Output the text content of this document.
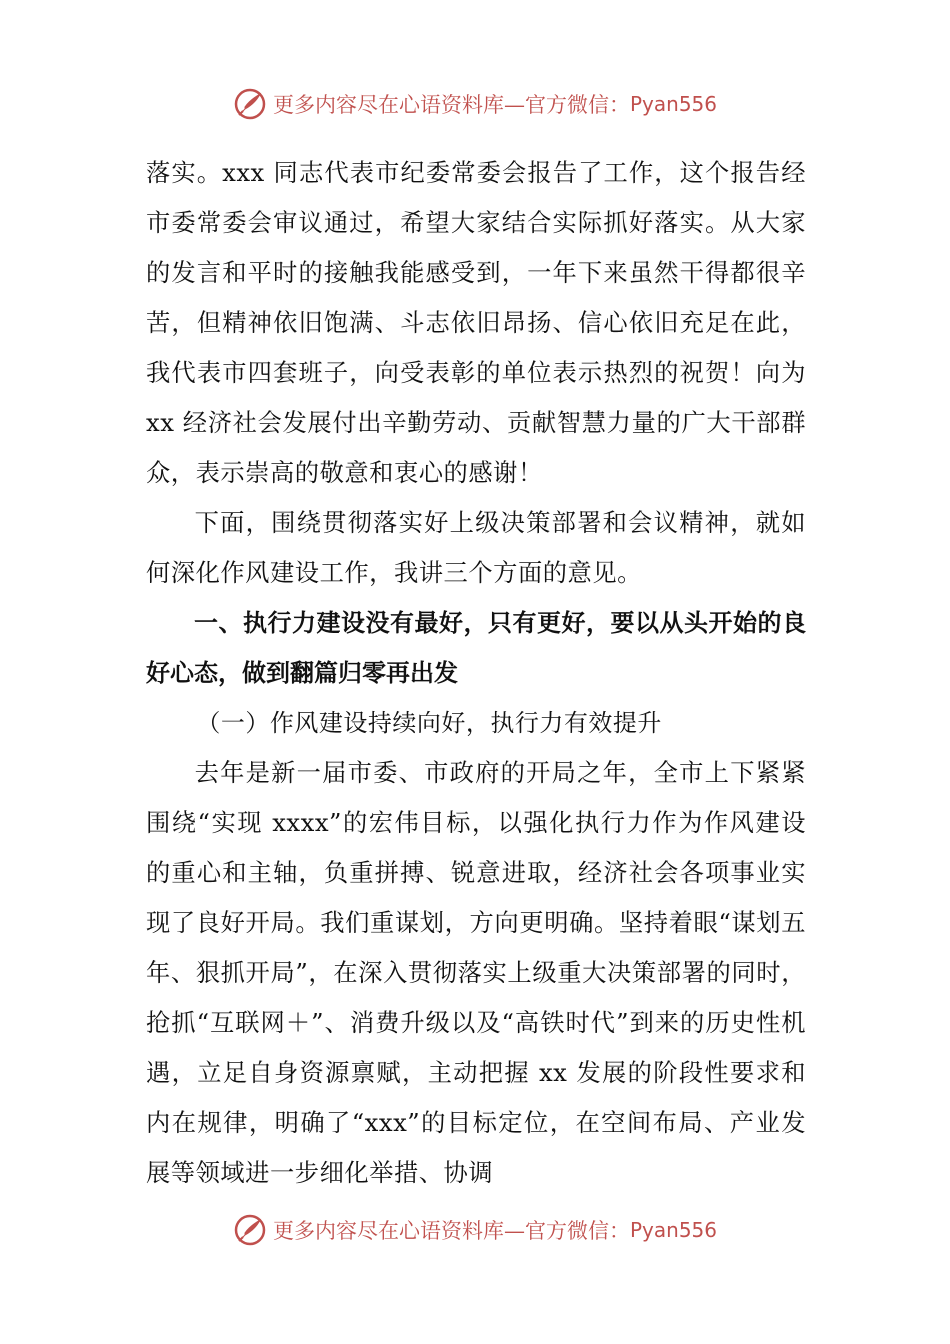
更多内容尽在心语资料库—官方微信： Pyan556

落实。xxx 同志代表市纪委常委会报告了工作，这个报告经市委常委会审议通过，希望大家结合实际抓好落实。从大家的发言和平时的接触我能感受到，一年下来虽然干得都很辛苦，但精神依旧饱满、斗志依旧昂扬、信心依旧充足在此，我代表市四套班子，向受表彰的单位表示热烈的祝贺！向为 xx 经济社会发展付出辛勤劳动、贡献智慧力量的广大干部群众，表示崇高的敬意和衷心的感谢！

下面，围绕贯彻落实好上级决策部署和会议精神，就如何深化作风建设工作，我讲三个方面的意见。

一、执行力建设没有最好，只有更好，要以从头开始的良好心态，做到翻篇归零再出发

（一）作风建设持续向好，执行力有效提升

去年是新一届市委、市政府的开局之年，全市上下紧紧围绕“实现 xxxx”的宏伟目标，以强化执行力作为作风建设的重心和主轴，负重拼搏、锐意进取，经济社会各项事业实现了良好开局。我们重谋划，方向更明确。坚持着眼“谋划五年、狠抓开局”，在深入贯彻落实上级重大决策部署的同时，抢抓“互联网＋”、消费升级以及“高铁时代”到来的历史性机遇，立足自身资源禀赋，主动把握 xx 发展的阶段性要求和内在规律，明确了“xxx”的目标定位，在空间布局、产业发展等领域进一步细化举措、协调

更多内容尽在心语资料库—官方微信： Pyan556
